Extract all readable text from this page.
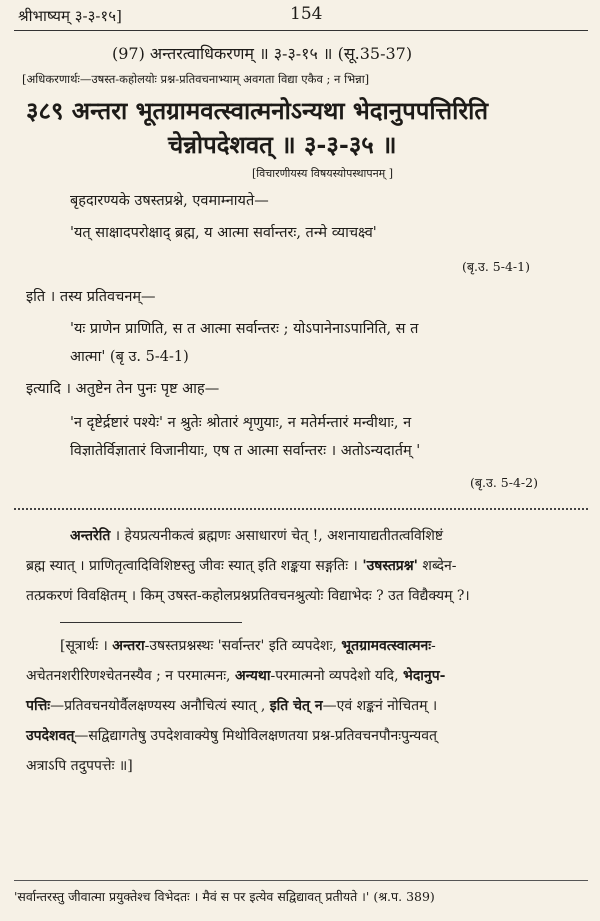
श्रीभाष्यम् ३-३-१५]	154
(97) अन्तरत्वाधिकरणम् ॥ ३-३-१५ ॥ (सू.35-37)
[अधिकरणार्थः—उषस्त-कहोलयोः प्रश्न-प्रतिवचनाभ्याम् अवगता विद्या एकैव ; न भिन्ना]
३८९ अन्तरा भूतग्रामवत्स्वात्मनोऽन्यथा भेदानुपपत्तिरिति
चेन्नोपदेशवत् ॥ ३-३-३५ ॥
[विचारणीयस्य विषयस्योपस्थापनम् ]
बृहदारण्यके उषस्तप्रश्ने, एवमाम्नायते—
'यत् साक्षादपरोक्षाद् ब्रह्म, य आत्मा सर्वान्तरः, तन्मे व्याचक्ष्व'
(बृ.उ. 5-4-1)
इति । तस्य प्रतिवचनम्—
'यः प्राणेन प्राणिति, स त आत्मा सर्वान्तरः ; योऽपानेनाऽपानिति, स त
आत्मा' (बृ उ. 5-4-1)
इत्यादि । अतुष्टेन तेन पुनः पृष्ट आह—
'न दृष्टेर्द्रष्टारं पश्येः' न श्रुतेः श्रोतारं शृणुयाः, न मतेर्मन्तारं मन्वीथाः, न
विज्ञातेर्विज्ञातारं विजानीयाः, एष त आत्मा सर्वान्तरः । अतोऽन्यदार्तम् '
(बृ.उ. 5-4-2)
अन्तरेति । हेयप्रत्यनीकत्वं ब्रह्मणः असाधारणं चेत् !, अशनायाद्यतीतत्वविशिष्टं
ब्रह्म स्यात् । प्राणितृत्वादिविशिष्टस्तु जीवः स्यात् इति शङ्कया सङ्गतिः । 'उषस्तप्रश्न' शब्देन-
तत्प्रकरणं विवक्षितम् । किम् उषस्त-कहोलप्रश्नप्रतिवचनश्रुत्योः विद्याभेदः ? उत विद्यैक्यम् ?।
[सूत्रार्थः । अन्तरा-उषस्तप्रश्नस्थः 'सर्वान्तर' इति व्यपदेशः, भूतग्रामवत्स्वात्मनः-
अचेतनशरीरिणश्चेतनस्यैव ; न परमात्मनः, अन्यथा-परमात्मनो व्यपदेशो यदि, भेदानुप-
पत्तिः—प्रतिवचनयोर्वैलक्षण्यस्य अनौचित्यं स्यात् , इति चेत् न—एवं शङ्कनं नोचितम् ।
उपदेशवत्—सद्विद्यागतेषु उपदेशवाक्येषु मिथोविलक्षणतया प्रश्न-प्रतिवचनपौनःपुन्यवत्
अत्राऽपि तदुपपत्तेः ॥]
'सर्वान्तरस्तु जीवात्मा प्रयुक्तेश्च विभेदतः । मैवं स पर इत्येव सद्विद्यावत् प्रतीयते ।' (श्र.प. 389)
